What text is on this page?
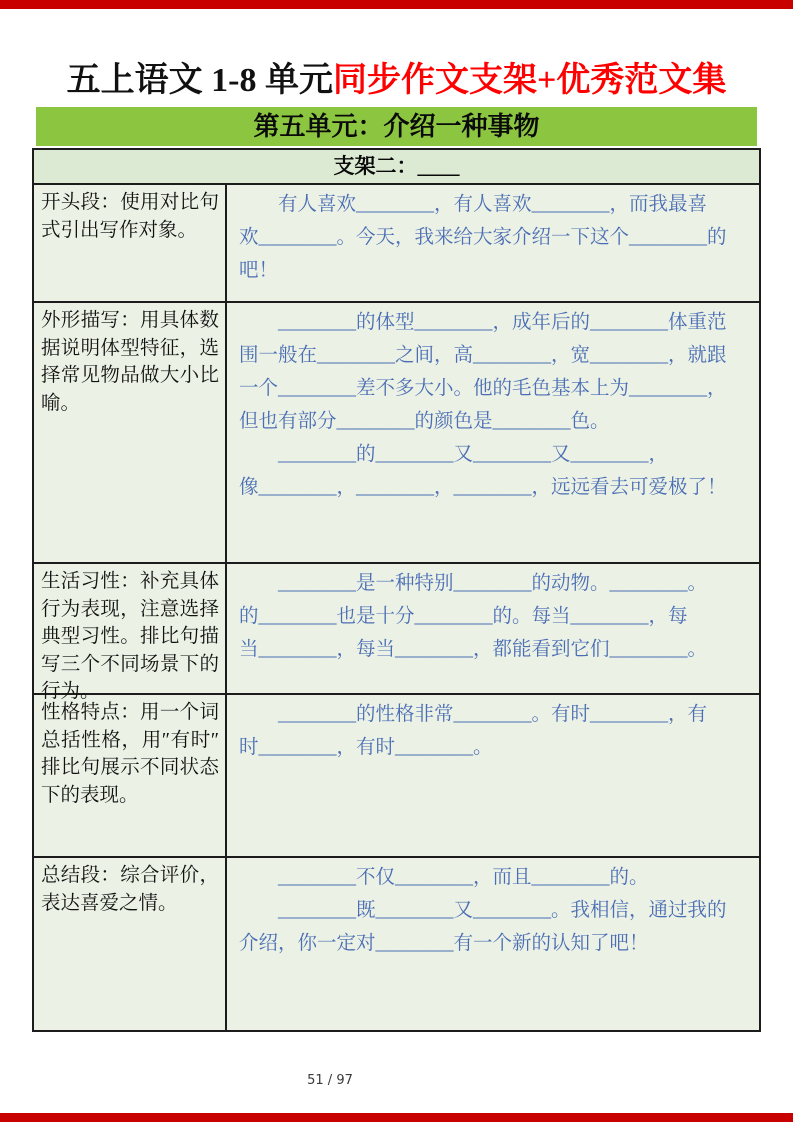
五上语文 1-8 单元同步作文支架+优秀范文集
第五单元：介绍一种事物
支架二：____
开头段：使用对比句式引出写作对象。
　　有人喜欢________，有人喜欢________，而我最喜
欢________。今天，我来给大家介绍一下这个________的
吧！
外形描写：用具体数据说明体型特征，选择常见物品做大小比喻。
　　________的体型________，成年后的________体重范
围一般在________之间，高________，宽________，就跟
一个________差不多大小。他的毛色基本上为________，
但也有部分________的颜色是________色。
　　________的________又________又________，
像________，________，________，远远看去可爱极了！
生活习性：补充具体行为表现，注意选择典型习性。排比句描写三个不同场景下的行为。
　　________是一种特别________的动物。________。
的________也是十分________的。每当________，每
当________，每当________，都能看到它们________。
性格特点：用一个词总括性格，用″有时″排比句展示不同状态下的表现。
　　________的性格非常________。有时________，有
时________，有时________。
总结段：综合评价，表达喜爱之情。
　　________不仅________，而且________的。
　　________既________又________。我相信，通过我的
介绍，你一定对________有一个新的认知了吧！
51 / 97
